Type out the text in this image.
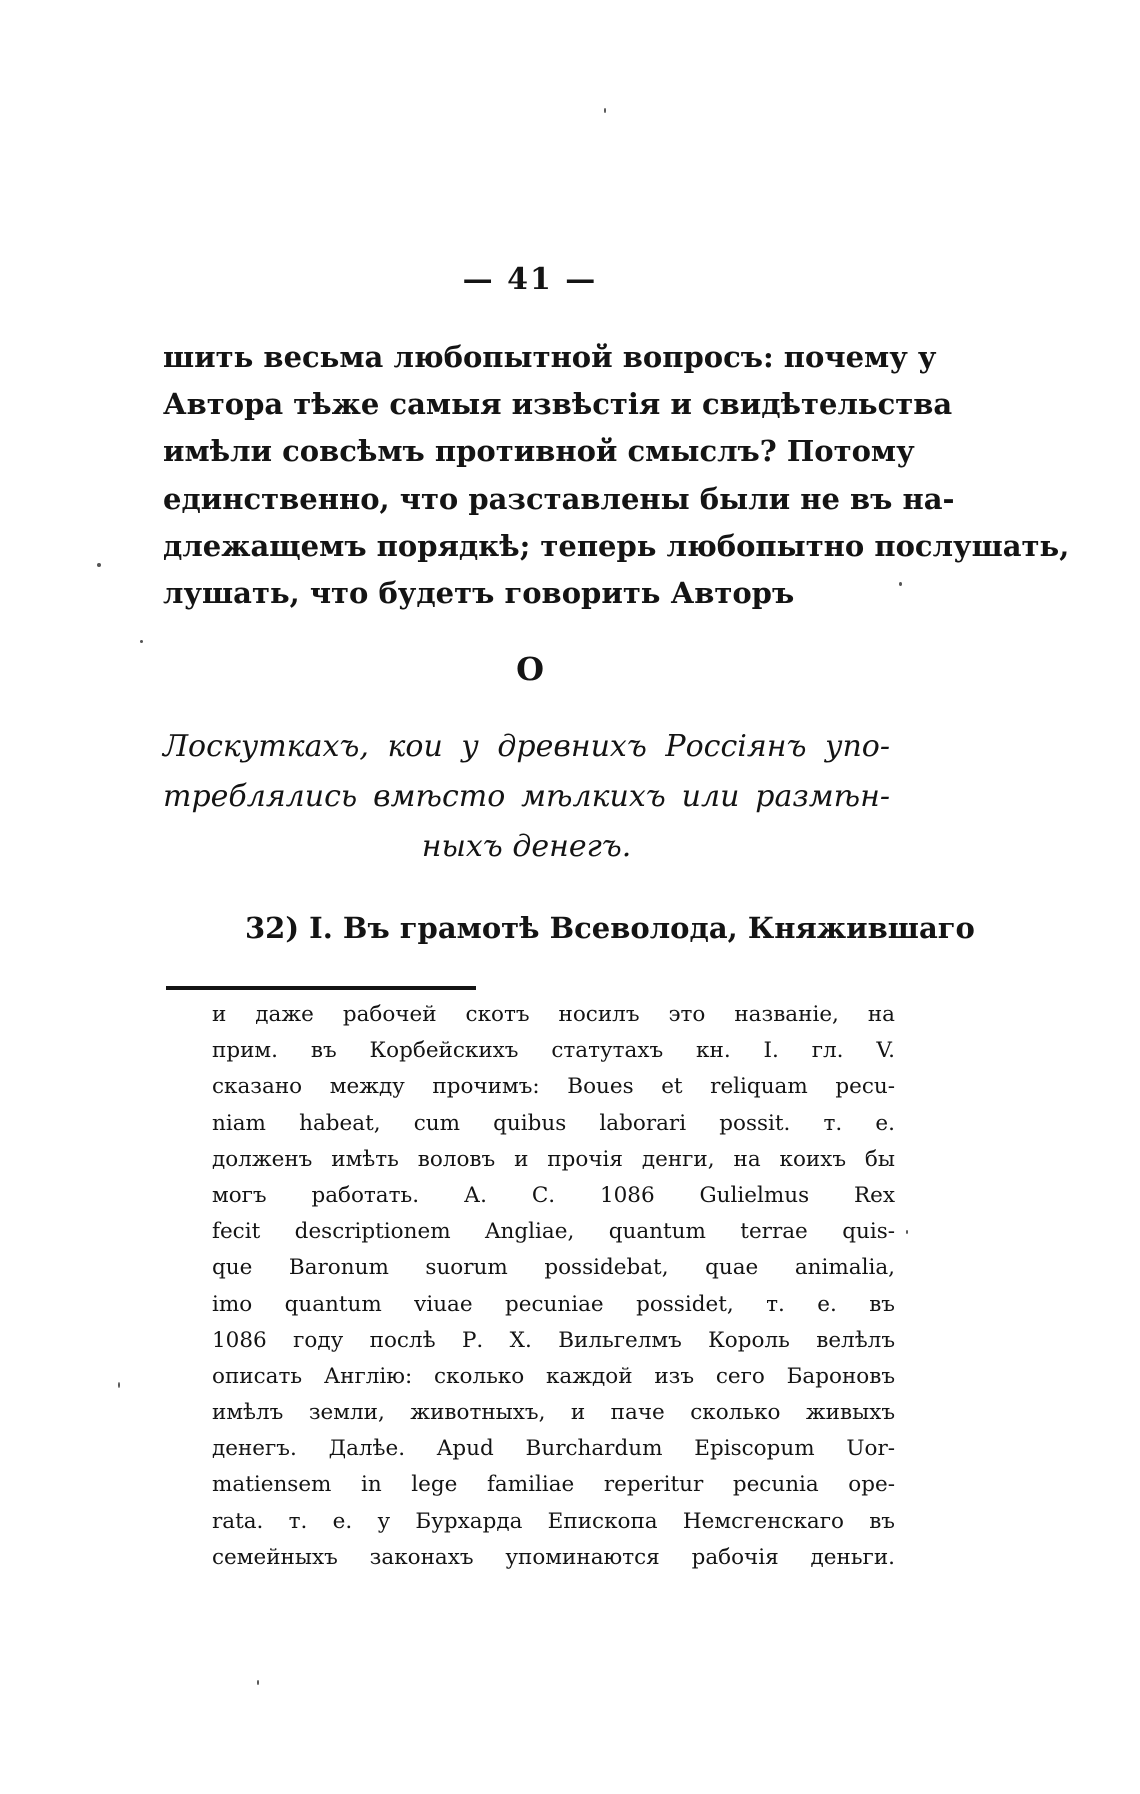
— 41 —
шить весьма любопытной вопросъ: почему у
Автора тѣже самыя извѣстія и свидѣтельства
имѣли совсѣмъ противной смыслъ? Потому
единственно, что разставлены были не въ на-
длежащемъ порядкѣ; теперь любопытно послушать,
лушать, что будетъ говорить Авторъ
О
Лоскуткахъ, кои у древнихъ Россіянъ упо-
треблялись вмѣсто мѣлкихъ или размѣн-
ныхъ денегъ.
32) I. Въ грамотѣ Всеволода, Княжившаго
и даже рабочей скотъ носилъ это названіе, на
прим. въ Корбейскихъ статутахъ кн. I. гл. V.
сказано между прочимъ: Boues et reliquam pecu-
niam habeat, cum quibus laborari possit. т. е.
долженъ имѣть воловъ и прочія денги, на коихъ бы
могъ работать. А. С. 1086 Gulielmus Rex
fecit descriptionem Angliae, quantum terrae quis-
que Baronum suorum possidebat, quae animalia,
imo quantum viuae pecuniae possidet, т. е. въ
1086 году послѣ Р. Х. Вильгелмъ Король велѣлъ
описать Англію: сколько каждой изъ сего Бароновъ
имѣлъ земли, животныхъ, и паче сколько живыхъ
денегъ. Далѣе. Apud Burchardum Episcopum Uor-
matiensem in lege familiae reperitur pecunia ope-
rata. т. е. у Бурхарда Епископа Немсгенскаго въ
семейныхъ законахъ упоминаются рабочія деньги.
